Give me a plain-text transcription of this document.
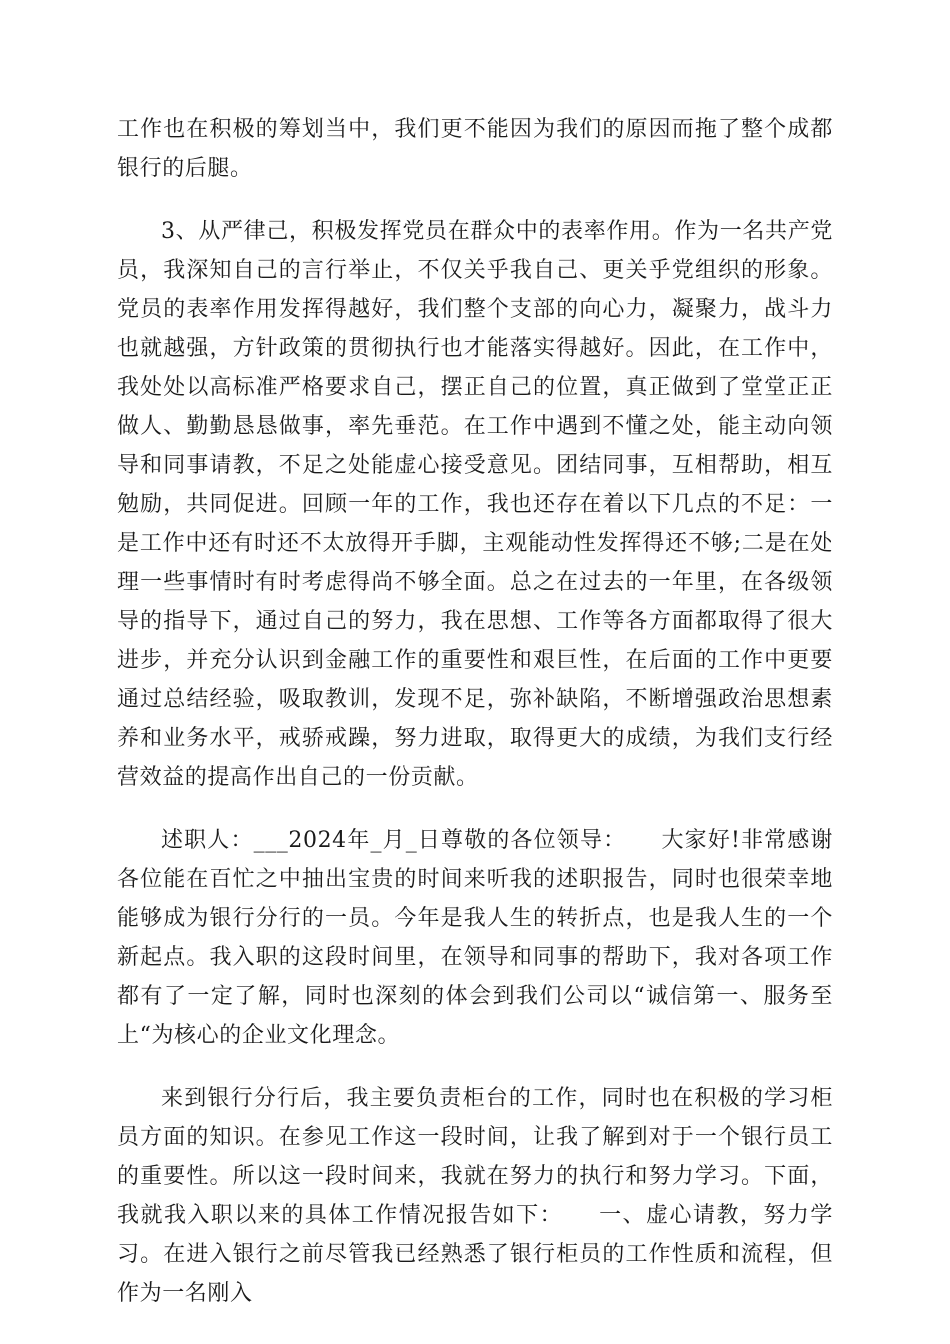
工作也在积极的筹划当中，我们更不能因为我们的原因而拖了整个成都银行的后腿。

3、从严律己，积极发挥党员在群众中的表率作用。作为一名共产党员，我深知自己的言行举止，不仅关乎我自己、更关乎党组织的形象。党员的表率作用发挥得越好，我们整个支部的向心力，凝聚力，战斗力也就越强，方针政策的贯彻执行也才能落实得越好。因此，在工作中，我处处以高标准严格要求自己，摆正自己的位置，真正做到了堂堂正正做人、勤勤恳恳做事，率先垂范。在工作中遇到不懂之处，能主动向领导和同事请教，不足之处能虚心接受意见。团结同事，互相帮助，相互勉励，共同促进。回顾一年的工作，我也还存在着以下几点的不足：一是工作中还有时还不太放得开手脚，主观能动性发挥得还不够;二是在处理一些事情时有时考虑得尚不够全面。总之在过去的一年里，在各级领导的指导下，通过自己的努力，我在思想、工作等各方面都取得了很大进步，并充分认识到金融工作的重要性和艰巨性，在后面的工作中更要通过总结经验，吸取教训，发现不足，弥补缺陷，不断增强政治思想素养和业务水平，戒骄戒躁，努力进取，取得更大的成绩，为我们支行经营效益的提高作出自己的一份贡献。

述职人：___2024年_月_日尊敬的各位领导：　　大家好!非常感谢各位能在百忙之中抽出宝贵的时间来听我的述职报告，同时也很荣幸地能够成为银行分行的一员。今年是我人生的转折点，也是我人生的一个新起点。我入职的这段时间里，在领导和同事的帮助下，我对各项工作都有了一定了解，同时也深刻的体会到我们公司以“诚信第一、服务至上“为核心的企业文化理念。

来到银行分行后，我主要负责柜台的工作，同时也在积极的学习柜员方面的知识。在参见工作这一段时间，让我了解到对于一个银行员工的重要性。所以这一段时间来，我就在努力的执行和努力学习。下面，我就我入职以来的具体工作情况报告如下：　　一、虚心请教，努力学习。在进入银行之前尽管我已经熟悉了银行柜员的工作性质和流程，但作为一名刚入
